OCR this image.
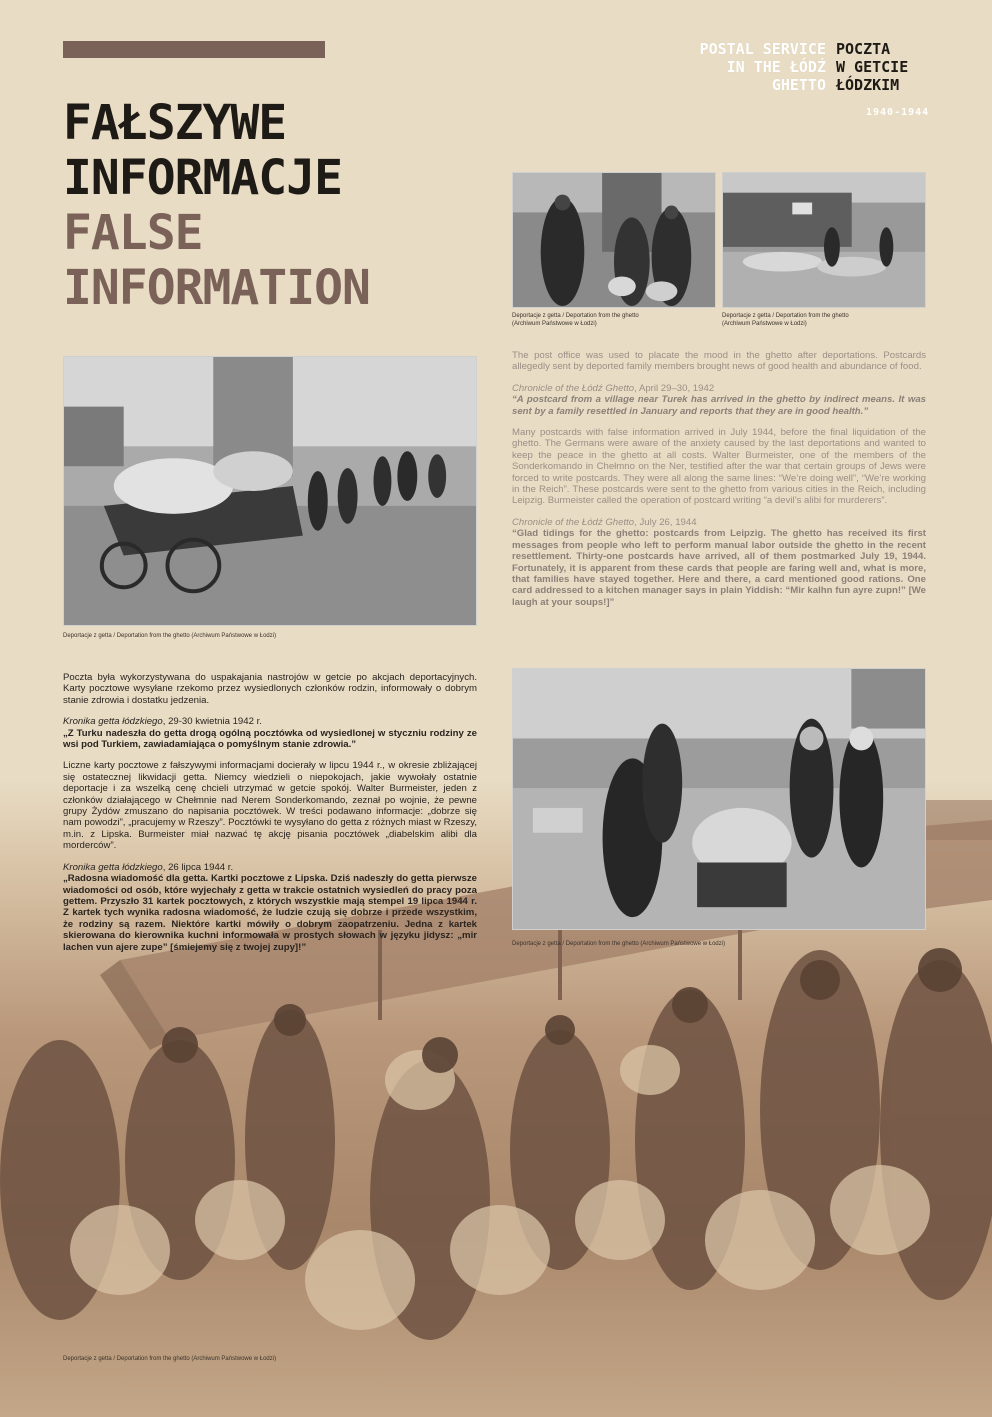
POSTAL SERVICE
IN THE ŁÓDŹ
GHETTO
POCZTA
W GETCIE
ŁÓDZKIM
1940-1944
FAŁSZYWE
INFORMACJE
FALSE
INFORMATION	Deportacje z getta / Deportation from the ghetto
(Archiwum Państwowe w Łodzi)
Deportacje z getta / Deportation from the ghetto
(Archiwum Państwowe w Łodzi)
Deportacje z getta / Deportation from the ghetto (Archiwum Państwowe w Łodzi)
Deportacje z getta / Deportation from the ghetto (Archiwum Państwowe w Łodzi)
Deportacje z getta / Deportation from the ghetto (Archiwum Państwowe w Łodzi)

The post office was used to placate the mood in the ghetto after deportations. Postcards allegedly sent by deported family members brought news of good health and abundance of food.

Chronicle of the Łódź Ghetto, April 29–30, 1942

“A postcard from a village near Turek has arrived in the ghetto by indirect means. It was sent by a family resettled in January and reports that they are in good health.”

Many postcards with false information arrived in July 1944, before the final liquidation of the ghetto. The Germans were aware of the anxiety caused by the last deportations and wanted to keep the peace in the ghetto at all costs. Walter Burmeister, one of the members of the Sonderkomando in Chełmno on the Ner, testified after the war that certain groups of Jews were forced to write postcards. They were all along the same lines: “We’re doing well”, “We’re working in the Reich”. These postcards were sent to the ghetto from various cities in the Reich, including Leipzig. Burmeister called the operation of postcard writing “a devil’s alibi for murderers”.

Chronicle of the Łódź Ghetto, July 26, 1944

“Glad tidings for the ghetto: postcards from Leipzig. The ghetto has received its first messages from people who left to perform manual labor outside the ghetto in the recent resettlement. Thirty-one postcards have arrived, all of them postmarked July 19, 1944. Fortunately, it is apparent from these cards that people are faring well and, what is more, that families have stayed together. Here and there, a card mentioned good rations. One card addressed to a kitchen manager says in plain Yiddish: “Mir kalhn fun ayre zupn!” [We laugh at your soups!]”

Poczta była wykorzystywana do uspakajania nastrojów w getcie po akcjach deportacyjnych. Karty pocztowe wysyłane rzekomo przez wysiedlonych członków rodzin, informowały o dobrym stanie zdrowia i dostatku jedzenia.

Kronika getta łódzkiego, 29-30 kwietnia 1942 r.

„Z Turku nadeszła do getta drogą ogólną pocztówka od wysiedlonej w styczniu rodziny ze wsi pod Turkiem, zawiadamiająca o pomyślnym stanie zdrowia.”

Liczne karty pocztowe z fałszywymi informacjami docierały w lipcu 1944 r., w okresie zbliżającej się ostatecznej likwidacji getta. Niemcy wiedzieli o niepokojach, jakie wywołały ostatnie deportacje i za wszelką cenę chcieli utrzymać w getcie spokój. Walter Burmeister, jeden z członków działającego w Chełmnie nad Nerem Sonderkomando, zeznał po wojnie, że pewne grupy Żydów zmuszano do napisania pocztówek. W treści podawano informacje: „dobrze się nam powodzi”, „pracujemy w Rzeszy”. Pocztówki te wysyłano do getta z różnych miast w Rzeszy, m.in. z Lipska. Burmeister miał nazwać tę akcję pisania pocztówek „diabelskim alibi dla morderców”.

Kronika getta łódzkiego, 26 lipca 1944 r.

„Radosna wiadomość dla getta. Kartki pocztowe z Lipska. Dziś nadeszły do getta pierwsze wiadomości od osób, które wyjechały z getta w trakcie ostatnich wysiedleń do pracy poza gettem. Przyszło 31 kartek pocztowych, z których wszystkie mają stempel 19 lipca 1944 r. Z kartek tych wynika radosna wiadomość, że ludzie czują się dobrze i przede wszystkim, że rodziny są razem. Niektóre kartki mówiły o dobrym zaopatrzeniu. Jedna z kartek skierowana do kierownika kuchni informowała w prostych słowach w języku jidysz: „mir lachen vun ajere zupe” [śmiejemy się z twojej zupy]!”
